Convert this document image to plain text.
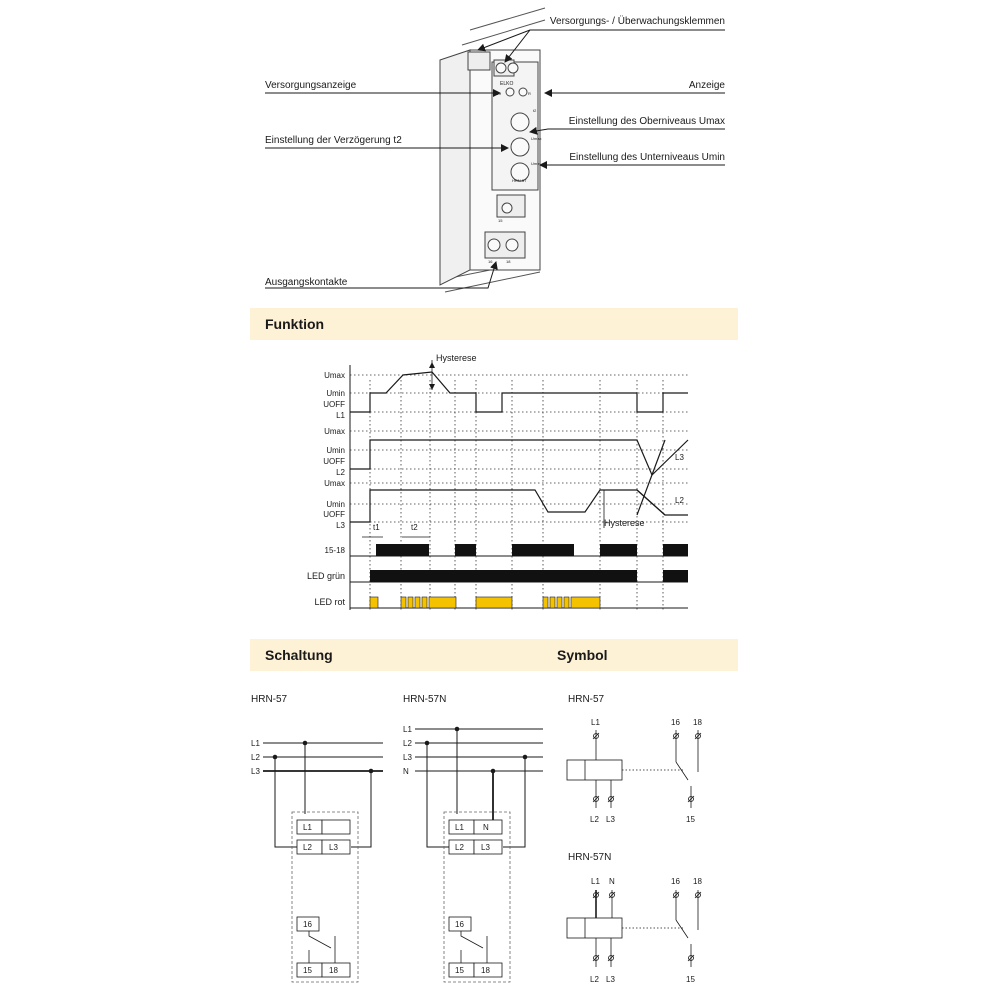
ELKO
HRN-57
Un	R
t2
Umax
Umin
15
16	18
Versorgungs- / Überwachungsklemmen
Versorgungsanzeige	Anzeige
Einstellung des Oberniveaus Umax
Einstellung der Verzögerung t2
Einstellung des Unterniveaus Umin
Ausgangskontakte
Funktion
Schaltung	Symbol
Umax
Umin
UOFF
L1
Umax
Umin
UOFF
L2
Umax
Umin
UOFF
L3
Hysterese
L3
L2
Hysterese
t1	t2
15-18
LED grün
LED rot
HRN-57	HRN-57N
L1
L2
L3
L1
L2
L3
N
L1
L2 L3
16
15 18
L1 N
L2 L3
16
15 18
HRN-57
HRN-57N
L1	16 18
L2 L3	15
L1 N	16 18
L2 L3	15
